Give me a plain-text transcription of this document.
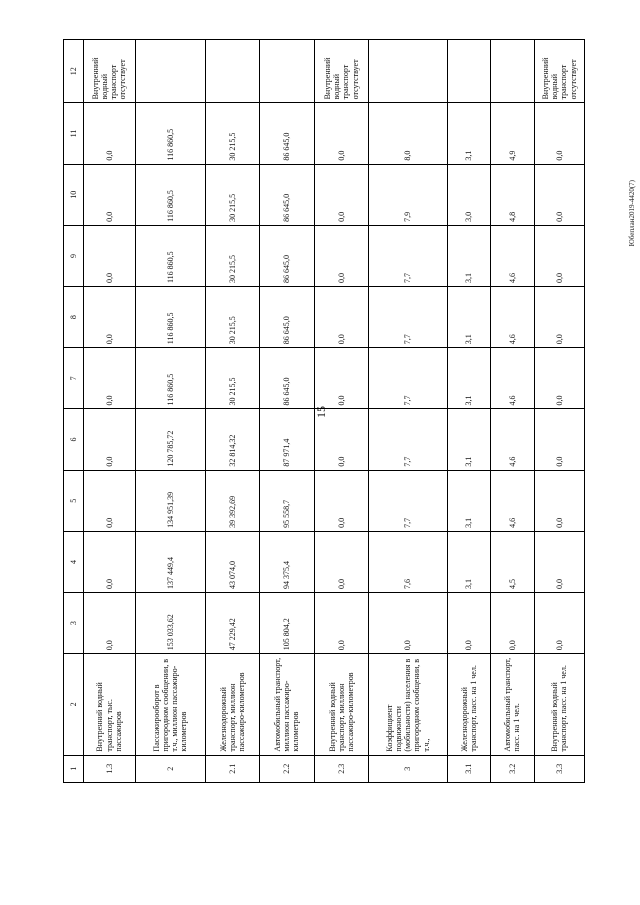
15
Юбеплан2019-4420(7)
1	2	3	4	5	6	7	8	9	10	11	12
1.3	Внутренний водный транспорт, тыс. пассажиров	0,0	0,0	0,0	0,0	0,0	0,0	0,0	0,0	0,0	Внутренний водный транспорт отсутствует
2	Пассажирооборот в пригородном сообщении, в т.ч., миллион пассажиро-километров	153 033,62	137 449,4	134 951,39	120 785,72	116 860,5	116 860,5	116 860,5	116 860,5	116 860,5	
2.1	Железнодорожный транспорт, миллион пассажиро-километров	47 229,42	43 074,0	39 392,69	32 814,32	30 215,5	30 215,5	30 215,5	30 215,5	30 215,5	
2.2	Автомобильный транспорт, миллион пассажиро-километров	105 804,2	94 375,4	95 558,7	87 971,4	86 645,0	86 645,0	86 645,0	86 645,0	86 645,0	
2.3	Внутренний водный транспорт, миллион пассажиро-километров	0,0	0,0	0,0	0,0	0,0	0,0	0,0	0,0	0,0	Внутренний водный транспорт отсутствует
3	Коэффициент подвижности (мобильности) населения в пригородном сообщении, в т.ч.,	0,0	7,6	7,7	7,7	7,7	7,7	7,7	7,9	8,0	
3.1	Железнодорожный транспорт, пасс. на 1 чел.	0,0	3,1	3,1	3,1	3,1	3,1	3,1	3,0	3,1	
3.2	Автомобильный транспорт, пасс. на 1 чел.	0,0	4,5	4,6	4,6	4,6	4,6	4,6	4,8	4,9	
3.3	Внутренний водный транспорт, пасс. на 1 чел.	0,0	0,0	0,0	0,0	0,0	0,0	0,0	0,0	0,0	Внутренний водный транспорт отсутствует
